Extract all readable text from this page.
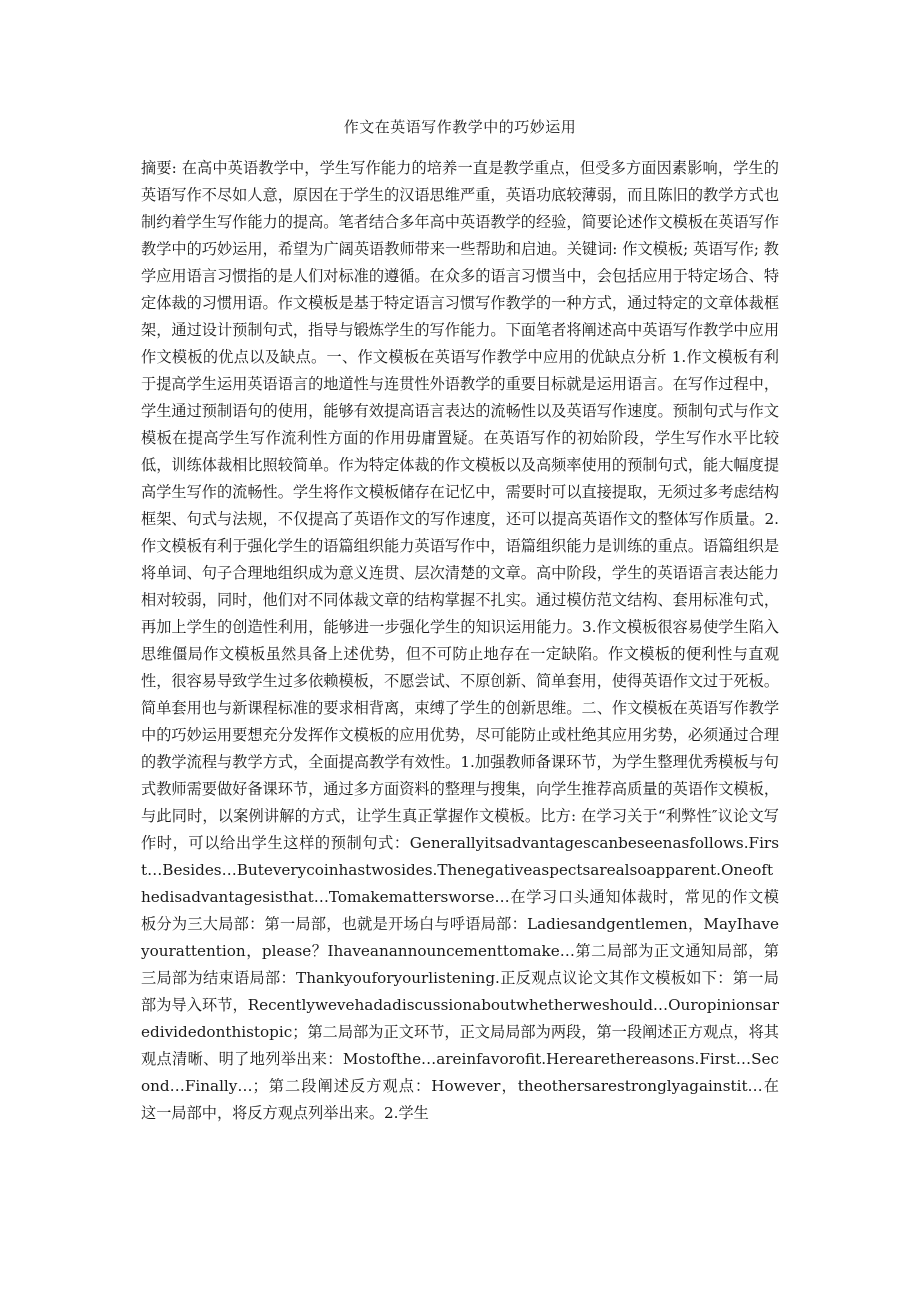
作文在英语写作教学中的巧妙运用

摘要: 在高中英语教学中，学生写作能力的培养一直是教学重点，但受多方面因素影响，学生的英语写作不尽如人意，原因在于学生的汉语思维严重，英语功底较薄弱，而且陈旧的教学方式也制约着学生写作能力的提高。笔者结合多年高中英语教学的经验，简要论述作文模板在英语写作教学中的巧妙运用，希望为广阔英语教师带来一些帮助和启迪。关键词: 作文模板; 英语写作; 教学应用语言习惯指的是人们对标准的遵循。在众多的语言习惯当中，会包括应用于特定场合、特定体裁的习惯用语。作文模板是基于特定语言习惯写作教学的一种方式，通过特定的文章体裁框架，通过设计预制句式，指导与锻炼学生的写作能力。下面笔者将阐述高中英语写作教学中应用作文模板的优点以及缺点。一、作文模板在英语写作教学中应用的优缺点分析 1.作文模板有利于提高学生运用英语语言的地道性与连贯性外语教学的重要目标就是运用语言。在写作过程中，学生通过预制语句的使用，能够有效提高语言表达的流畅性以及英语写作速度。预制句式与作文模板在提高学生写作流利性方面的作用毋庸置疑。在英语写作的初始阶段，学生写作水平比较低，训练体裁相比照较简单。作为特定体裁的作文模板以及高频率使用的预制句式，能大幅度提高学生写作的流畅性。学生将作文模板储存在记忆中，需要时可以直接提取，无须过多考虑结构框架、句式与法规，不仅提高了英语作文的写作速度，还可以提高英语作文的整体写作质量。2.作文模板有利于强化学生的语篇组织能力英语写作中，语篇组织能力是训练的重点。语篇组织是将单词、句子合理地组织成为意义连贯、层次清楚的文章。高中阶段，学生的英语语言表达能力相对较弱，同时，他们对不同体裁文章的结构掌握不扎实。通过模仿范文结构、套用标准句式，再加上学生的创造性利用，能够进一步强化学生的知识运用能力。3.作文模板很容易使学生陷入思维僵局作文模板虽然具备上述优势，但不可防止地存在一定缺陷。作文模板的便利性与直观性，很容易导致学生过多依赖模板，不愿尝试、不原创新、简单套用，使得英语作文过于死板。简单套用也与新课程标准的要求相背离，束缚了学生的创新思维。二、作文模板在英语写作教学中的巧妙运用要想充分发挥作文模板的应用优势，尽可能防止或杜绝其应用劣势，必须通过合理的教学流程与教学方式，全面提高教学有效性。1.加强教师备课环节，为学生整理优秀模板与句式教师需要做好备课环节，通过多方面资料的整理与搜集，向学生推荐高质量的英语作文模板，与此同时，以案例讲解的方式，让学生真正掌握作文模板。比方: 在学习关于“利弊性″议论文写作时，可以给出学生这样的预制句式：Generallyitsadvantagescanbeseenasfollows.First…Besides…Buteverycoinhastwosides.Thenegativeaspectsarealsoapparent.Oneofthedisadvantagesisthat…Tomakemattersworse…在学习口头通知体裁时，常见的作文模板分为三大局部：第一局部，也就是开场白与呼语局部：Ladiesandgentlemen，MayIhaveyourattention，please？Ihaveanannouncementtomake…第二局部为正文通知局部，第三局部为结束语局部：Thankyouforyourlistening.正反观点议论文其作文模板如下：第一局部为导入环节，Recentlywevehadadiscussionaboutwhetherweshould…Ouropinionsaredividedonthistopic；第二局部为正文环节，正文局局部为两段，第一段阐述正方观点，将其观点清晰、明了地列举出来：Mostofthe…areinfavorofit.Herearethereasons.First…Second…Finally…；第二段阐述反方观点：However，theothersarestronglyagainstit…在这一局部中，将反方观点列举出来。2.学生
